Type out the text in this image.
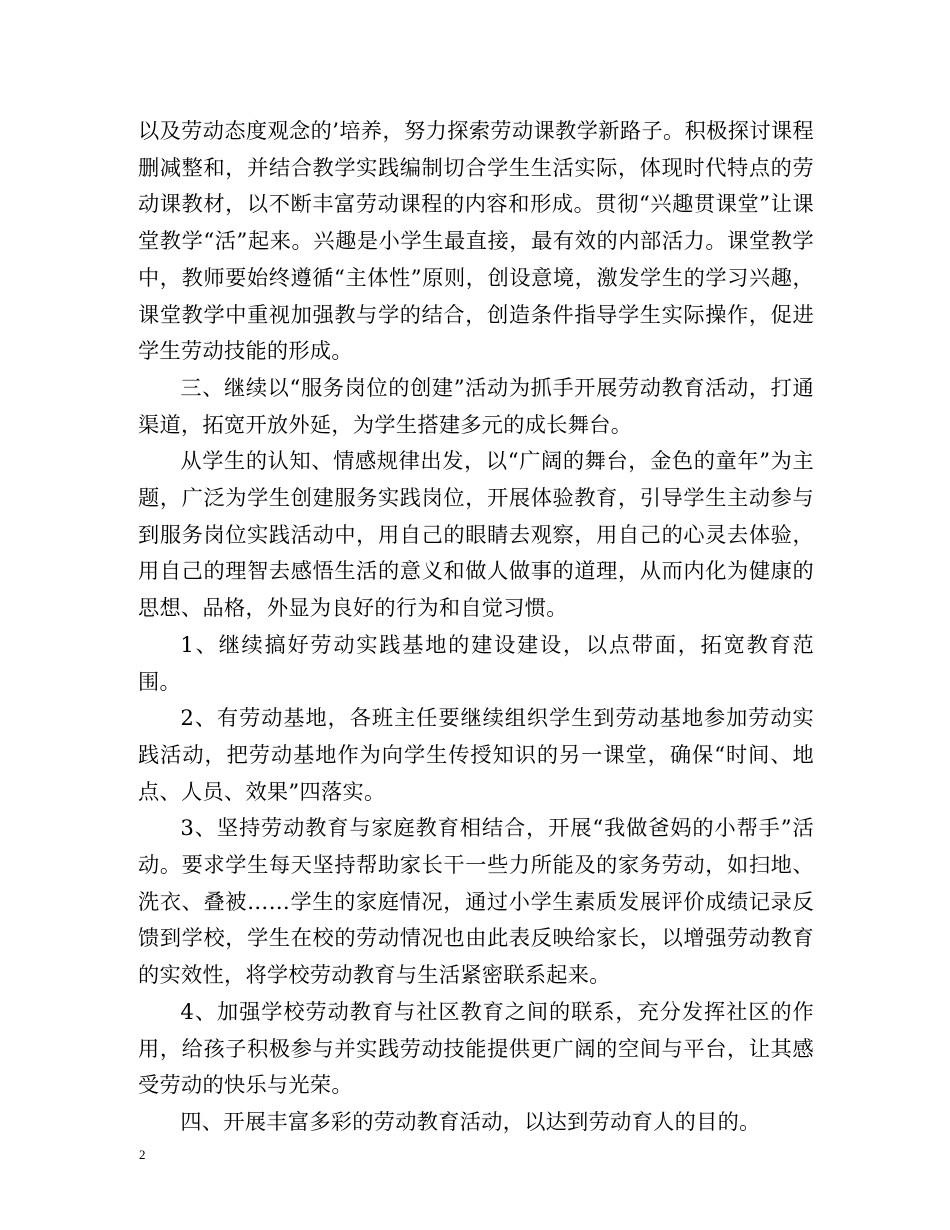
以及劳动态度观念的’培养，努力探索劳动课教学新路子。积极探讨课程删减整和，并结合教学实践编制切合学生生活实际，体现时代特点的劳动课教材，以不断丰富劳动课程的内容和形成。贯彻“兴趣贯课堂”让课堂教学“活”起来。兴趣是小学生最直接，最有效的内部活力。课堂教学中，教师要始终遵循“主体性”原则，创设意境，激发学生的学习兴趣，课堂教学中重视加强教与学的结合，创造条件指导学生实际操作，促进学生劳动技能的形成。

三、继续以“服务岗位的创建”活动为抓手开展劳动教育活动，打通渠道，拓宽开放外延，为学生搭建多元的成长舞台。

从学生的认知、情感规律出发，以“广阔的舞台，金色的童年”为主题，广泛为学生创建服务实践岗位，开展体验教育，引导学生主动参与到服务岗位实践活动中，用自己的眼睛去观察，用自己的心灵去体验，用自己的理智去感悟生活的意义和做人做事的道理，从而内化为健康的思想、品格，外显为良好的行为和自觉习惯。

1、继续搞好劳动实践基地的建设建设，以点带面，拓宽教育范围。

2、有劳动基地，各班主任要继续组织学生到劳动基地参加劳动实践活动，把劳动基地作为向学生传授知识的另一课堂，确保“时间、地点、人员、效果”四落实。

3、坚持劳动教育与家庭教育相结合，开展“我做爸妈的小帮手”活动。要求学生每天坚持帮助家长干一些力所能及的家务劳动，如扫地、洗衣、叠被……学生的家庭情况，通过小学生素质发展评价成绩记录反馈到学校，学生在校的劳动情况也由此表反映给家长，以增强劳动教育的实效性，将学校劳动教育与生活紧密联系起来。

4、加强学校劳动教育与社区教育之间的联系，充分发挥社区的作用，给孩子积极参与并实践劳动技能提供更广阔的空间与平台，让其感受劳动的快乐与光荣。

四、开展丰富多彩的劳动教育活动，以达到劳动育人的目的。

2
